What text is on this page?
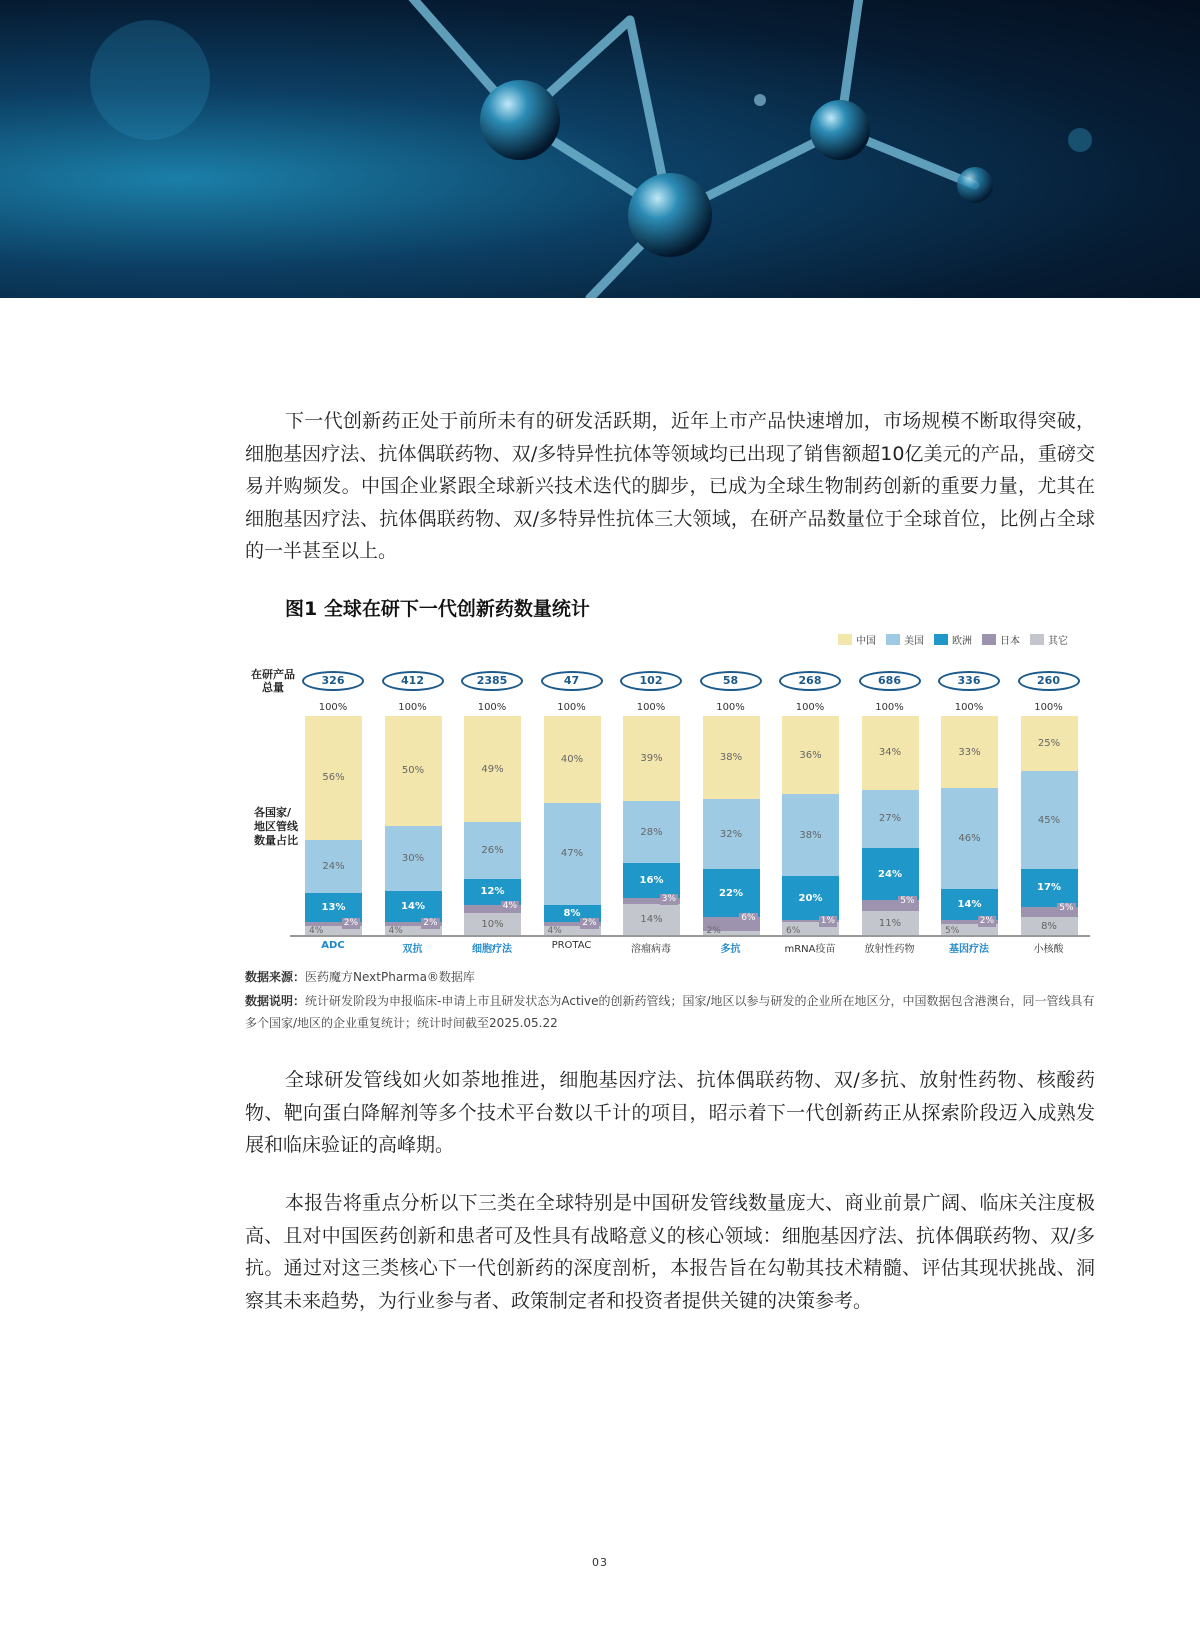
下一代创新药正处于前所未有的研发活跃期，近年上市产品快速增加，市场规模不断取得突破，细胞基因疗法、抗体偶联药物、双/多特异性抗体等领域均已出现了销售额超10亿美元的产品，重磅交易并购频发。中国企业紧跟全球新兴技术迭代的脚步，已成为全球生物制药创新的重要力量，尤其在细胞基因疗法、抗体偶联药物、双/多特异性抗体三大领域，在研产品数量位于全球首位，比例占全球的一半甚至以上。

图1 全球在研下一代创新药数量统计
中国	美国	欧洲	日本	其它
在研产品总量
各国家/地区管线数量占比
326
100%
56%
24%
13%
2%
4%
ADC
412
100%
50%
30%
14%
2%
4%
双抗
2385
100%
49%
26%
12%
4%
10%
细胞疗法
47
100%
40%
47%
8%
2%
4%
PROTAC
102
100%
39%
28%
16%
3%
14%
溶瘤病毒
58
100%
38%
32%
22%
6%
2%
多抗
268
100%
36%
38%
20%
1%
6%
mRNA疫苗
686
100%
34%
27%
24%
5%
11%
放射性药物
336
100%
33%
46%
14%
2%
5%
基因疗法
260
100%
25%
45%
17%
5%
8%
小核酸
数据来源：医药魔方NextPharma®数据库
数据说明：统计研发阶段为申报临床-申请上市且研发状态为Active的创新药管线；国家/地区以参与研发的企业所在地区分，中国数据包含港澳台，同一管线具有多个国家/地区的企业重复统计；统计时间截至2025.05.22

全球研发管线如火如荼地推进，细胞基因疗法、抗体偶联药物、双/多抗、放射性药物、核酸药物、靶向蛋白降解剂等多个技术平台数以千计的项目，昭示着下一代创新药正从探索阶段迈入成熟发展和临床验证的高峰期。

本报告将重点分析以下三类在全球特别是中国研发管线数量庞大、商业前景广阔、临床关注度极高、且对中国医药创新和患者可及性具有战略意义的核心领域：细胞基因疗法、抗体偶联药物、双/多抗。通过对这三类核心下一代创新药的深度剖析，本报告旨在勾勒其技术精髓、评估其现状挑战、洞察其未来趋势，为行业参与者、政策制定者和投资者提供关键的决策参考。

03
